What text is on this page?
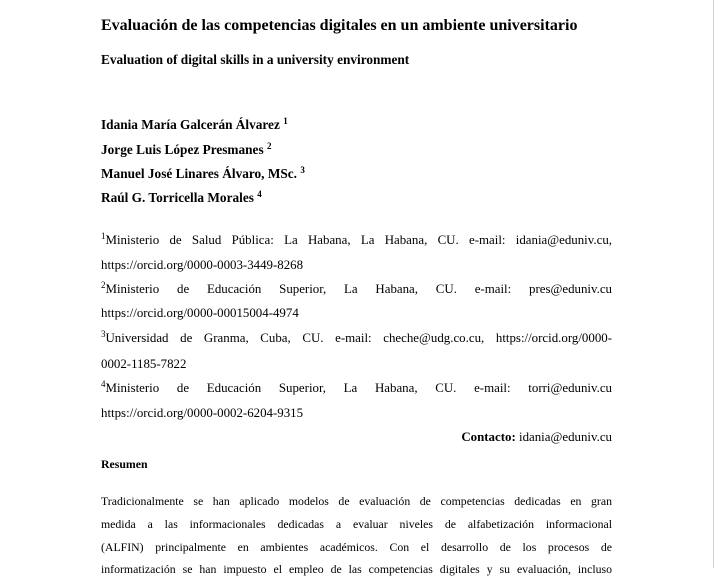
Evaluación de las competencias digitales en un ambiente universitario
Evaluation of digital skills in a university environment
Idania María Galcerán Álvarez $^1$
Jorge Luis López Presmanes $^2$
Manuel José Linares Álvaro, MSc. $^3$
Raúl G. Torricella Morales $^4$
$^1$Ministerio de Salud Pública: La Habana, La Habana, CU. e-mail: idania@eduniv.cu,
https://orcid.org/0000-0003-3449-8268
$^2$Ministerio de Educación Superior, La Habana, CU. e-mail: pres@eduniv.cu
https://orcid.org/0000-00015004-4974
$^3$Universidad de Granma, Cuba, CU. e-mail: cheche@udg.co.cu, https://orcid.org/0000-
0002-1185-7822
$^4$Ministerio de Educación Superior, La Habana, CU. e-mail: torri@eduniv.cu
https://orcid.org/0000-0002-6204-9315
Contacto: idania@eduniv.cu
Resumen
Tradicionalmente se han aplicado modelos de evaluación de competencias dedicadas en gran
medida a las informacionales dedicadas a evaluar niveles de alfabetización informacional
(ALFIN) principalmente en ambientes académicos. Con el desarrollo de los procesos de
informatización se han impuesto el empleo de las competencias digitales y su evaluación, incluso
